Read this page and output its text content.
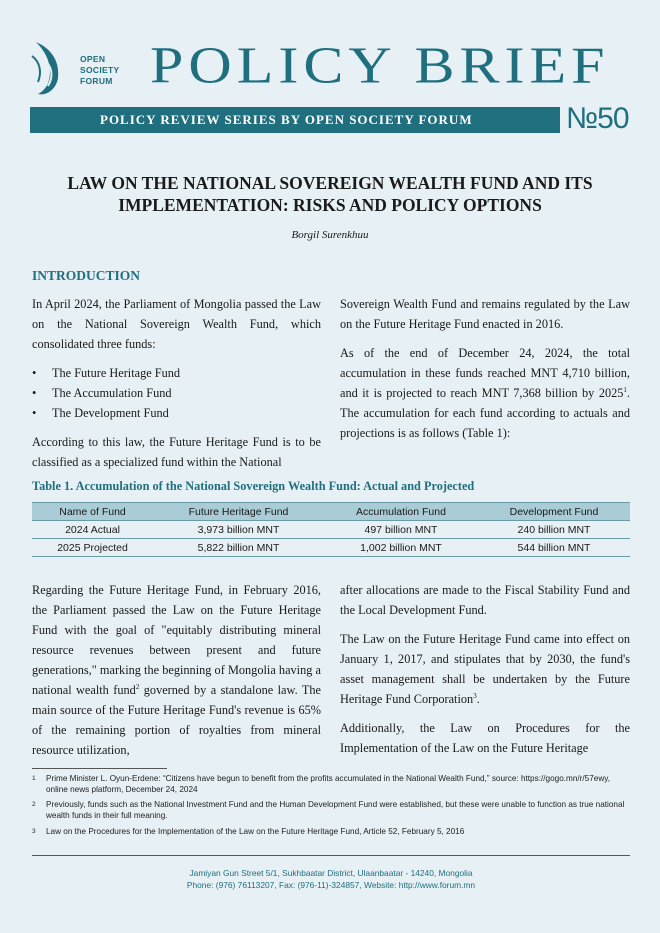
OPEN
SOCIETY
FORUM POLICY BRIEF
POLICY REVIEW SERIES BY OPEN SOCIETY FORUM	№50
LAW ON THE NATIONAL SOVEREIGN WEALTH FUND AND ITS
IMPLEMENTATION: RISKS AND POLICY OPTIONS
Borgil Surenkhuu
INTRODUCTION

In April 2024, the Parliament of Mongolia passed the Law on the National Sovereign Wealth Fund, which consolidated three funds:

• The Future Heritage Fund
• The Accumulation Fund
• The Development Fund

According to this law, the Future Heritage Fund is to be classified as a specialized fund within the National

Sovereign Wealth Fund and remains regulated by the Law on the Future Heritage Fund enacted in 2016.

As of the end of December 24, 2024, the total accumulation in these funds reached MNT 4,710 billion, and it is projected to reach MNT 7,368 billion by 2025$^1$. The accumulation for each fund according to actuals and projections is as follows (Table 1):

Table 1. Accumulation of the National Sovereign Wealth Fund: Actual and Projected
Name of Fund	Future Heritage Fund	Accumulation Fund	Development Fund
2024 Actual	3,973 billion MNT	497 billion MNT	240 billion MNT
2025 Projected	5,822 billion MNT	1,002 billion MNT	544 billion MNT

Regarding the Future Heritage Fund, in February 2016, the Parliament passed the Law on the Future Heritage Fund with the goal of "equitably distributing mineral resource revenues between present and future generations," marking the beginning of Mongolia having a national wealth fund$^2$ governed by a standalone law. The main source of the Future Heritage Fund's revenue is 65% of the remaining portion of royalties from mineral resource utilization,

after allocations are made to the Fiscal Stability Fund and the Local Development Fund.

The Law on the Future Heritage Fund came into effect on January 1, 2017, and stipulates that by 2030, the fund's asset management shall be undertaken by the Future Heritage Fund Corporation$^3$.

Additionally, the Law on Procedures for the Implementation of the Law on the Future Heritage

1 Prime Minister L. Oyun-Erdene: “Citizens have begun to benefit from the profits accumulated in the National Wealth Fund,” source: https://gogo.mn/r/57ewy, online news platform, December 24, 2024
2 Previously, funds such as the National Investment Fund and the Human Development Fund were established, but these were unable to function as true national wealth funds in their full meaning.
3 Law on the Procedures for the Implementation of the Law on the Future Heritage Fund, Article 52, February 5, 2016
Jamiyan Gun Street 5/1, Sukhbaatar District, Ulaanbaatar - 14240, Mongolia
Phone: (976) 76113207, Fax: (976-11)-324857, Website: http://www.forum.mn
